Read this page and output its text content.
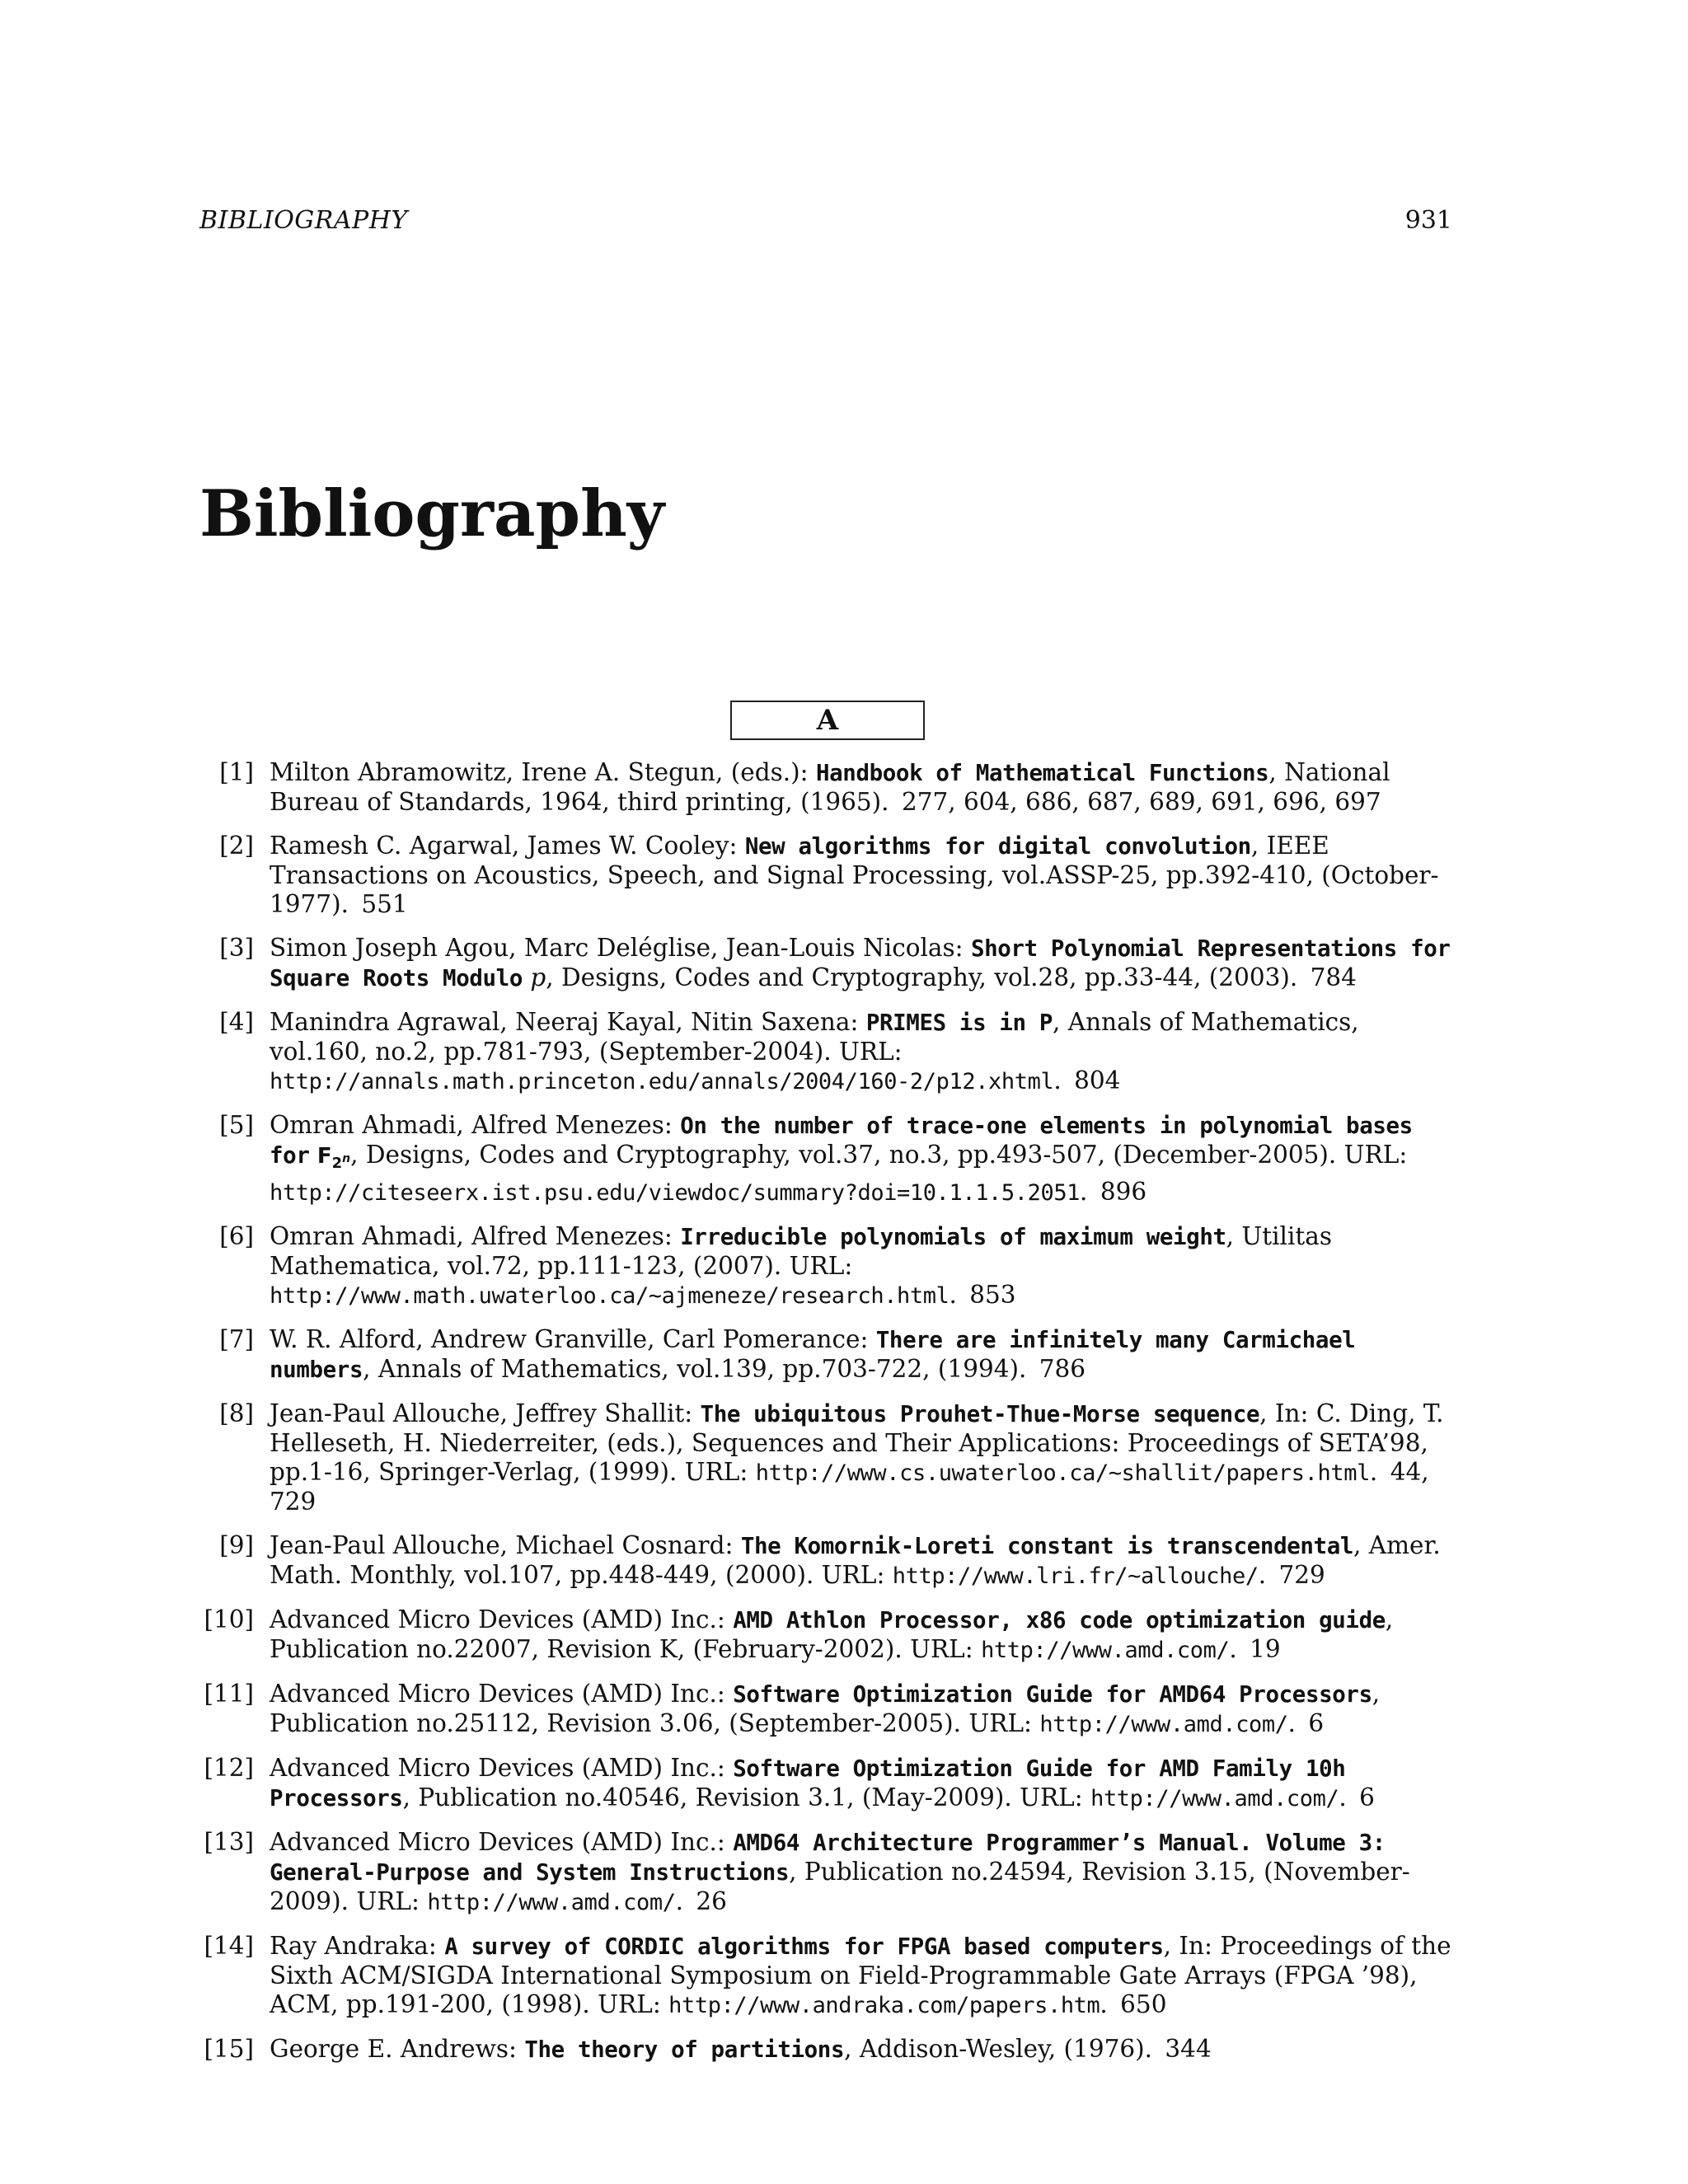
BIBLIOGRAPHY	931
Bibliography
A
[1] Milton Abramowitz, Irene A. Stegun, (eds.): Handbook of Mathematical Functions, National Bureau of Standards, 1964, third printing, (1965). 277, 604, 686, 687, 689, 691, 696, 697
[2] Ramesh C. Agarwal, James W. Cooley: New algorithms for digital convolution, IEEE Transactions on Acoustics, Speech, and Signal Processing, vol.ASSP-25, pp.392-410, (October-1977). 551
[3] Simon Joseph Agou, Marc Deléglise, Jean-Louis Nicolas: Short Polynomial Representations for Square Roots Modulo p, Designs, Codes and Cryptography, vol.28, pp.33-44, (2003). 784
[4] Manindra Agrawal, Neeraj Kayal, Nitin Saxena: PRIMES is in P, Annals of Mathematics, vol.160, no.2, pp.781-793, (September-2004). URL: http://annals.math.princeton.edu/annals/2004/160-2/p12.xhtml. 804
[5] Omran Ahmadi, Alfred Menezes: On the number of trace-one elements in polynomial bases for $F_{2^n}$, Designs, Codes and Cryptography, vol.37, no.3, pp.493-507, (December-2005). URL: http://citeseerx.ist.psu.edu/viewdoc/summary?doi=10.1.1.5.2051. 896
[6] Omran Ahmadi, Alfred Menezes: Irreducible polynomials of maximum weight, Utilitas Mathematica, vol.72, pp.111-123, (2007). URL: http://www.math.uwaterloo.ca/~ajmeneze/research.html. 853
[7] W. R. Alford, Andrew Granville, Carl Pomerance: There are infinitely many Carmichael numbers, Annals of Mathematics, vol.139, pp.703-722, (1994). 786
[8] Jean-Paul Allouche, Jeffrey Shallit: The ubiquitous Prouhet-Thue-Morse sequence, In: C. Ding, T. Helleseth, H. Niederreiter, (eds.), Sequences and Their Applications: Proceedings of SETA’98, pp.1-16, Springer-Verlag, (1999). URL: http://www.cs.uwaterloo.ca/~shallit/papers.html. 44, 729
[9] Jean-Paul Allouche, Michael Cosnard: The Komornik-Loreti constant is transcendental, Amer. Math. Monthly, vol.107, pp.448-449, (2000). URL: http://www.lri.fr/~allouche/. 729
[10] Advanced Micro Devices (AMD) Inc.: AMD Athlon Processor, x86 code optimization guide, Publication no.22007, Revision K, (February-2002). URL: http://www.amd.com/. 19
[11] Advanced Micro Devices (AMD) Inc.: Software Optimization Guide for AMD64 Processors, Publication no.25112, Revision 3.06, (September-2005). URL: http://www.amd.com/. 6
[12] Advanced Micro Devices (AMD) Inc.: Software Optimization Guide for AMD Family 10h Processors, Publication no.40546, Revision 3.1, (May-2009). URL: http://www.amd.com/. 6
[13] Advanced Micro Devices (AMD) Inc.: AMD64 Architecture Programmer’s Manual. Volume 3: General-Purpose and System Instructions, Publication no.24594, Revision 3.15, (November-2009). URL: http://www.amd.com/. 26
[14] Ray Andraka: A survey of CORDIC algorithms for FPGA based computers, In: Proceedings of the Sixth ACM/SIGDA International Symposium on Field-Programmable Gate Arrays (FPGA ’98), ACM, pp.191-200, (1998). URL: http://www.andraka.com/papers.htm. 650
[15] George E. Andrews: The theory of partitions, Addison-Wesley, (1976). 344
